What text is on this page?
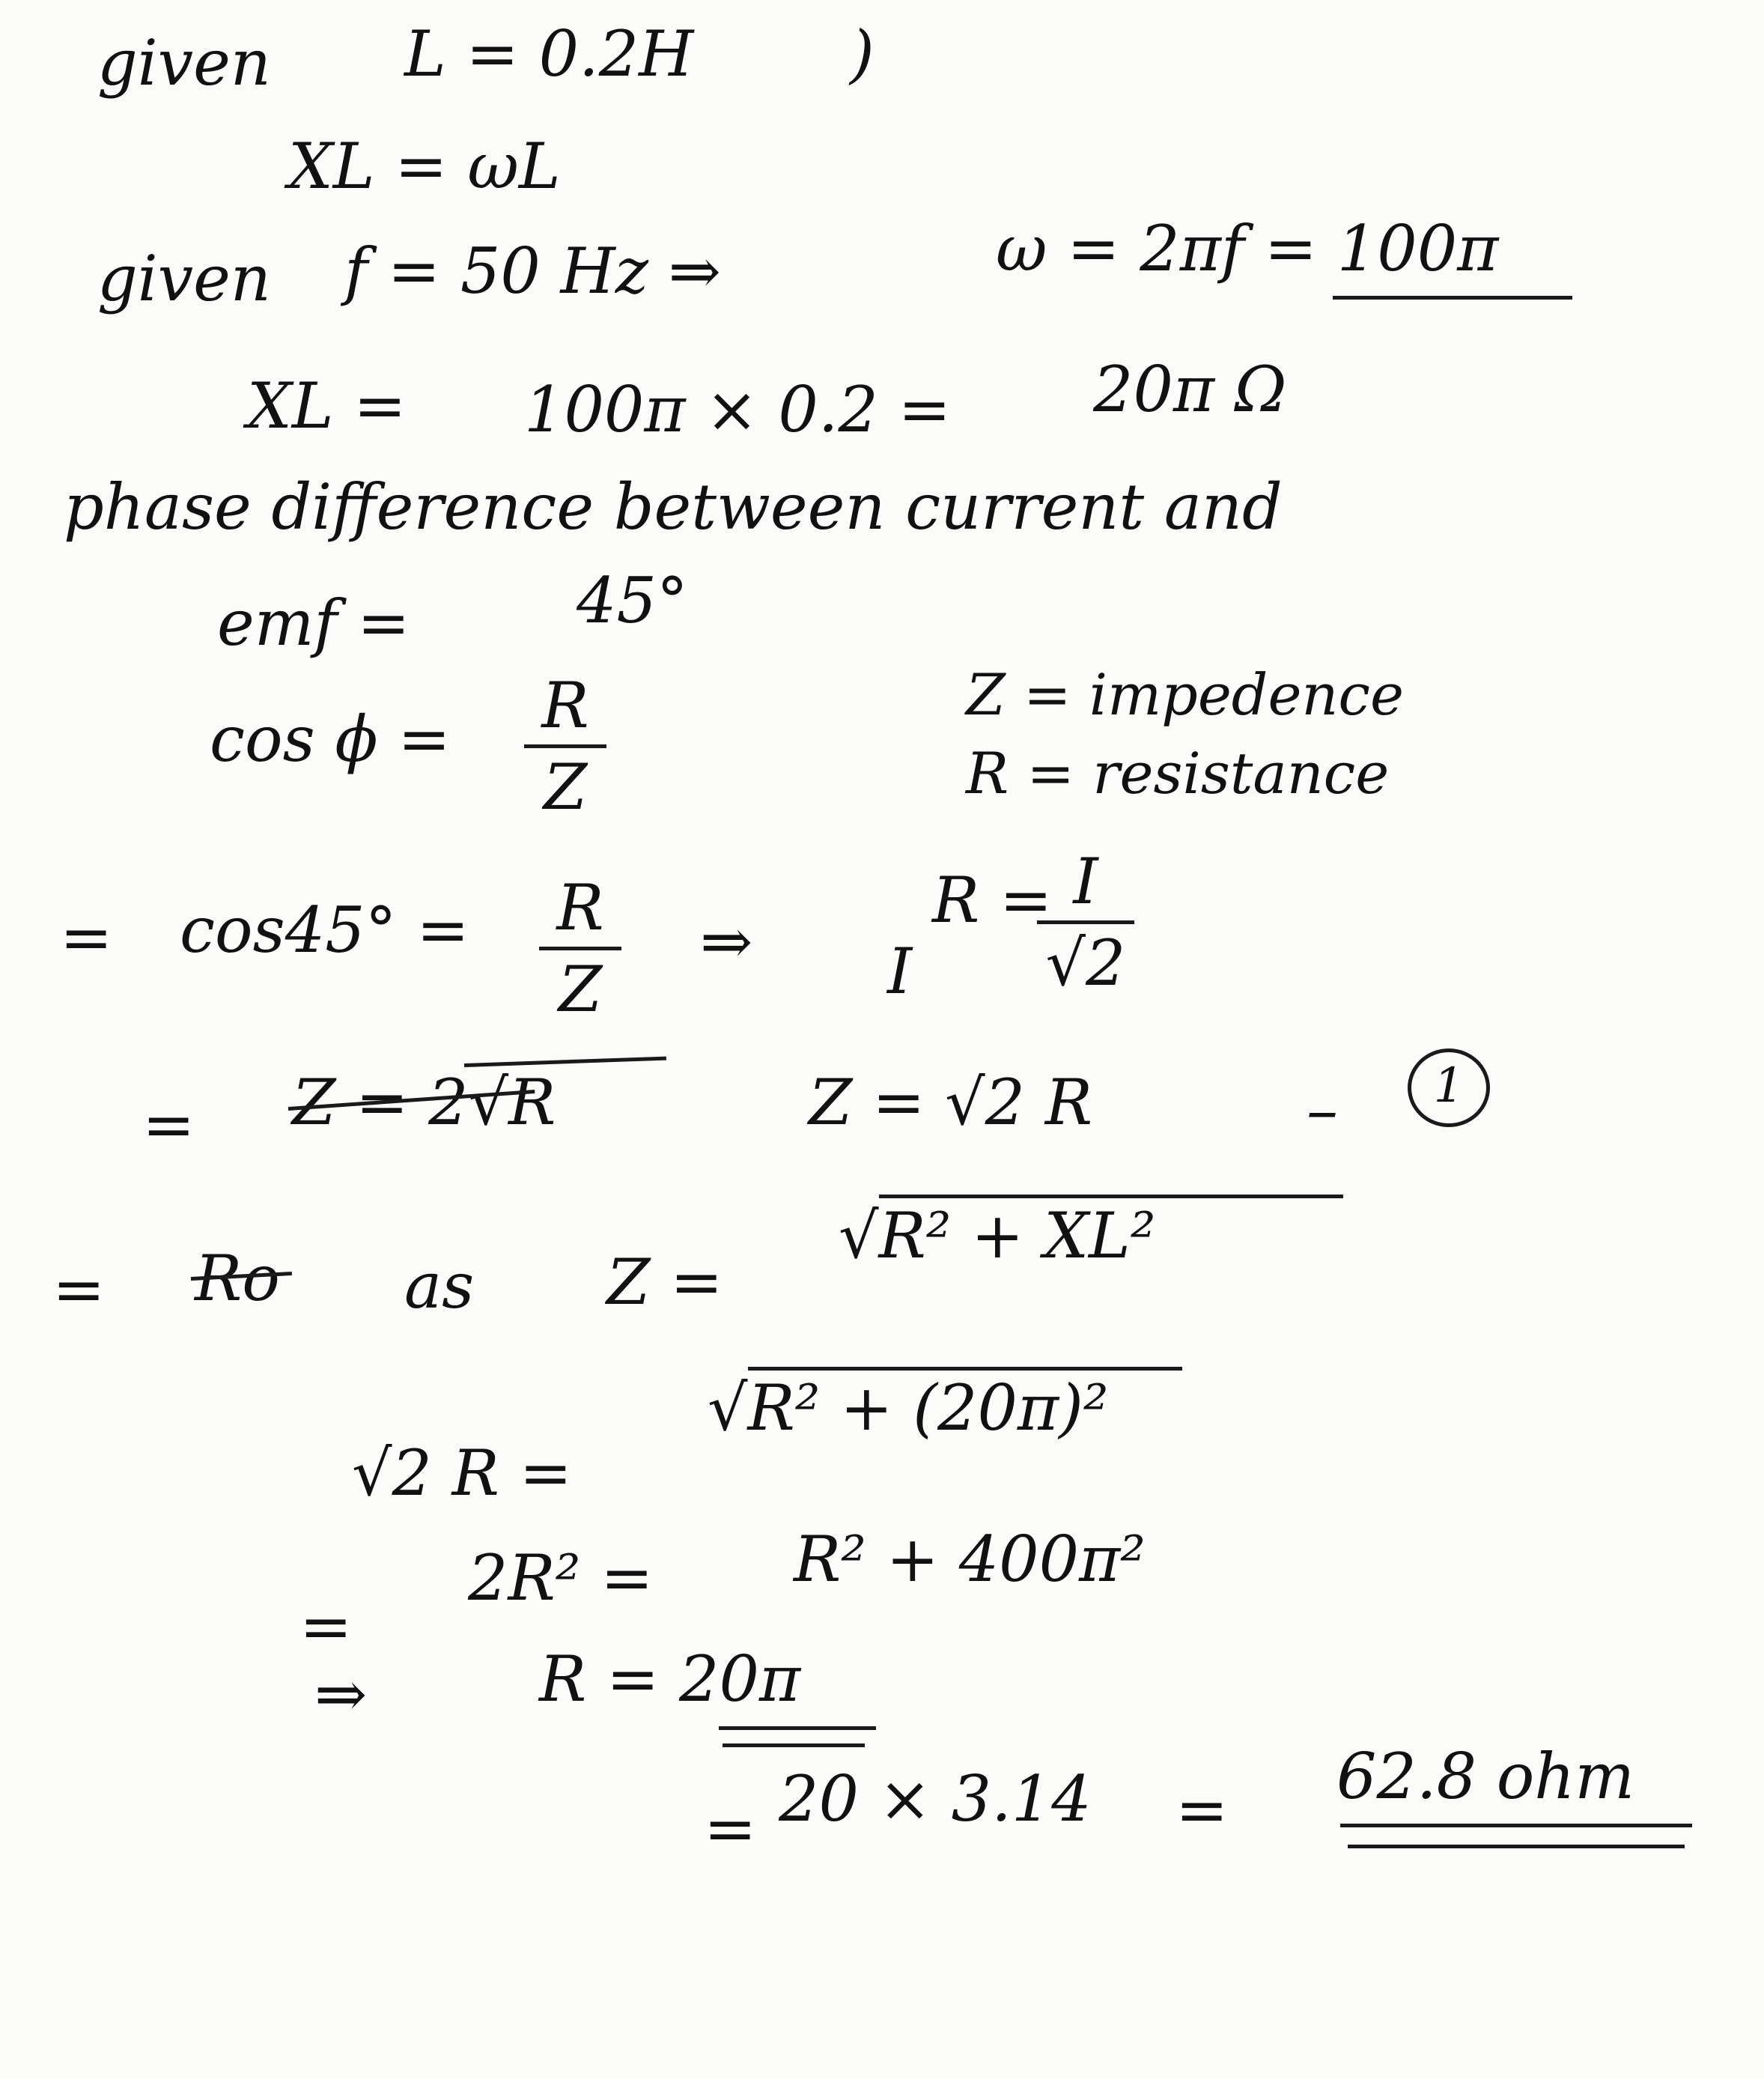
given L = 0.2H )
XL = ωL
given f = 50 Hz ⇒	ω = 2πf = 100π
XL = 100π × 0.2 = 20π Ω
phase difference between current and
emf =	45°
cos ϕ = R
Z
Z = impedence
R = resistance
= cos45° = R
Z
⇒
R =
I
I
√2
= Z = 2√R	Z = √2 R	–	1
= Ro as Z =
√R² + XL²
√2 R =
√R² + (20π)²
=
2R² = R² + 400π²
⇒	R = 20π
= 20 × 3.14 = 62.8 ohm
